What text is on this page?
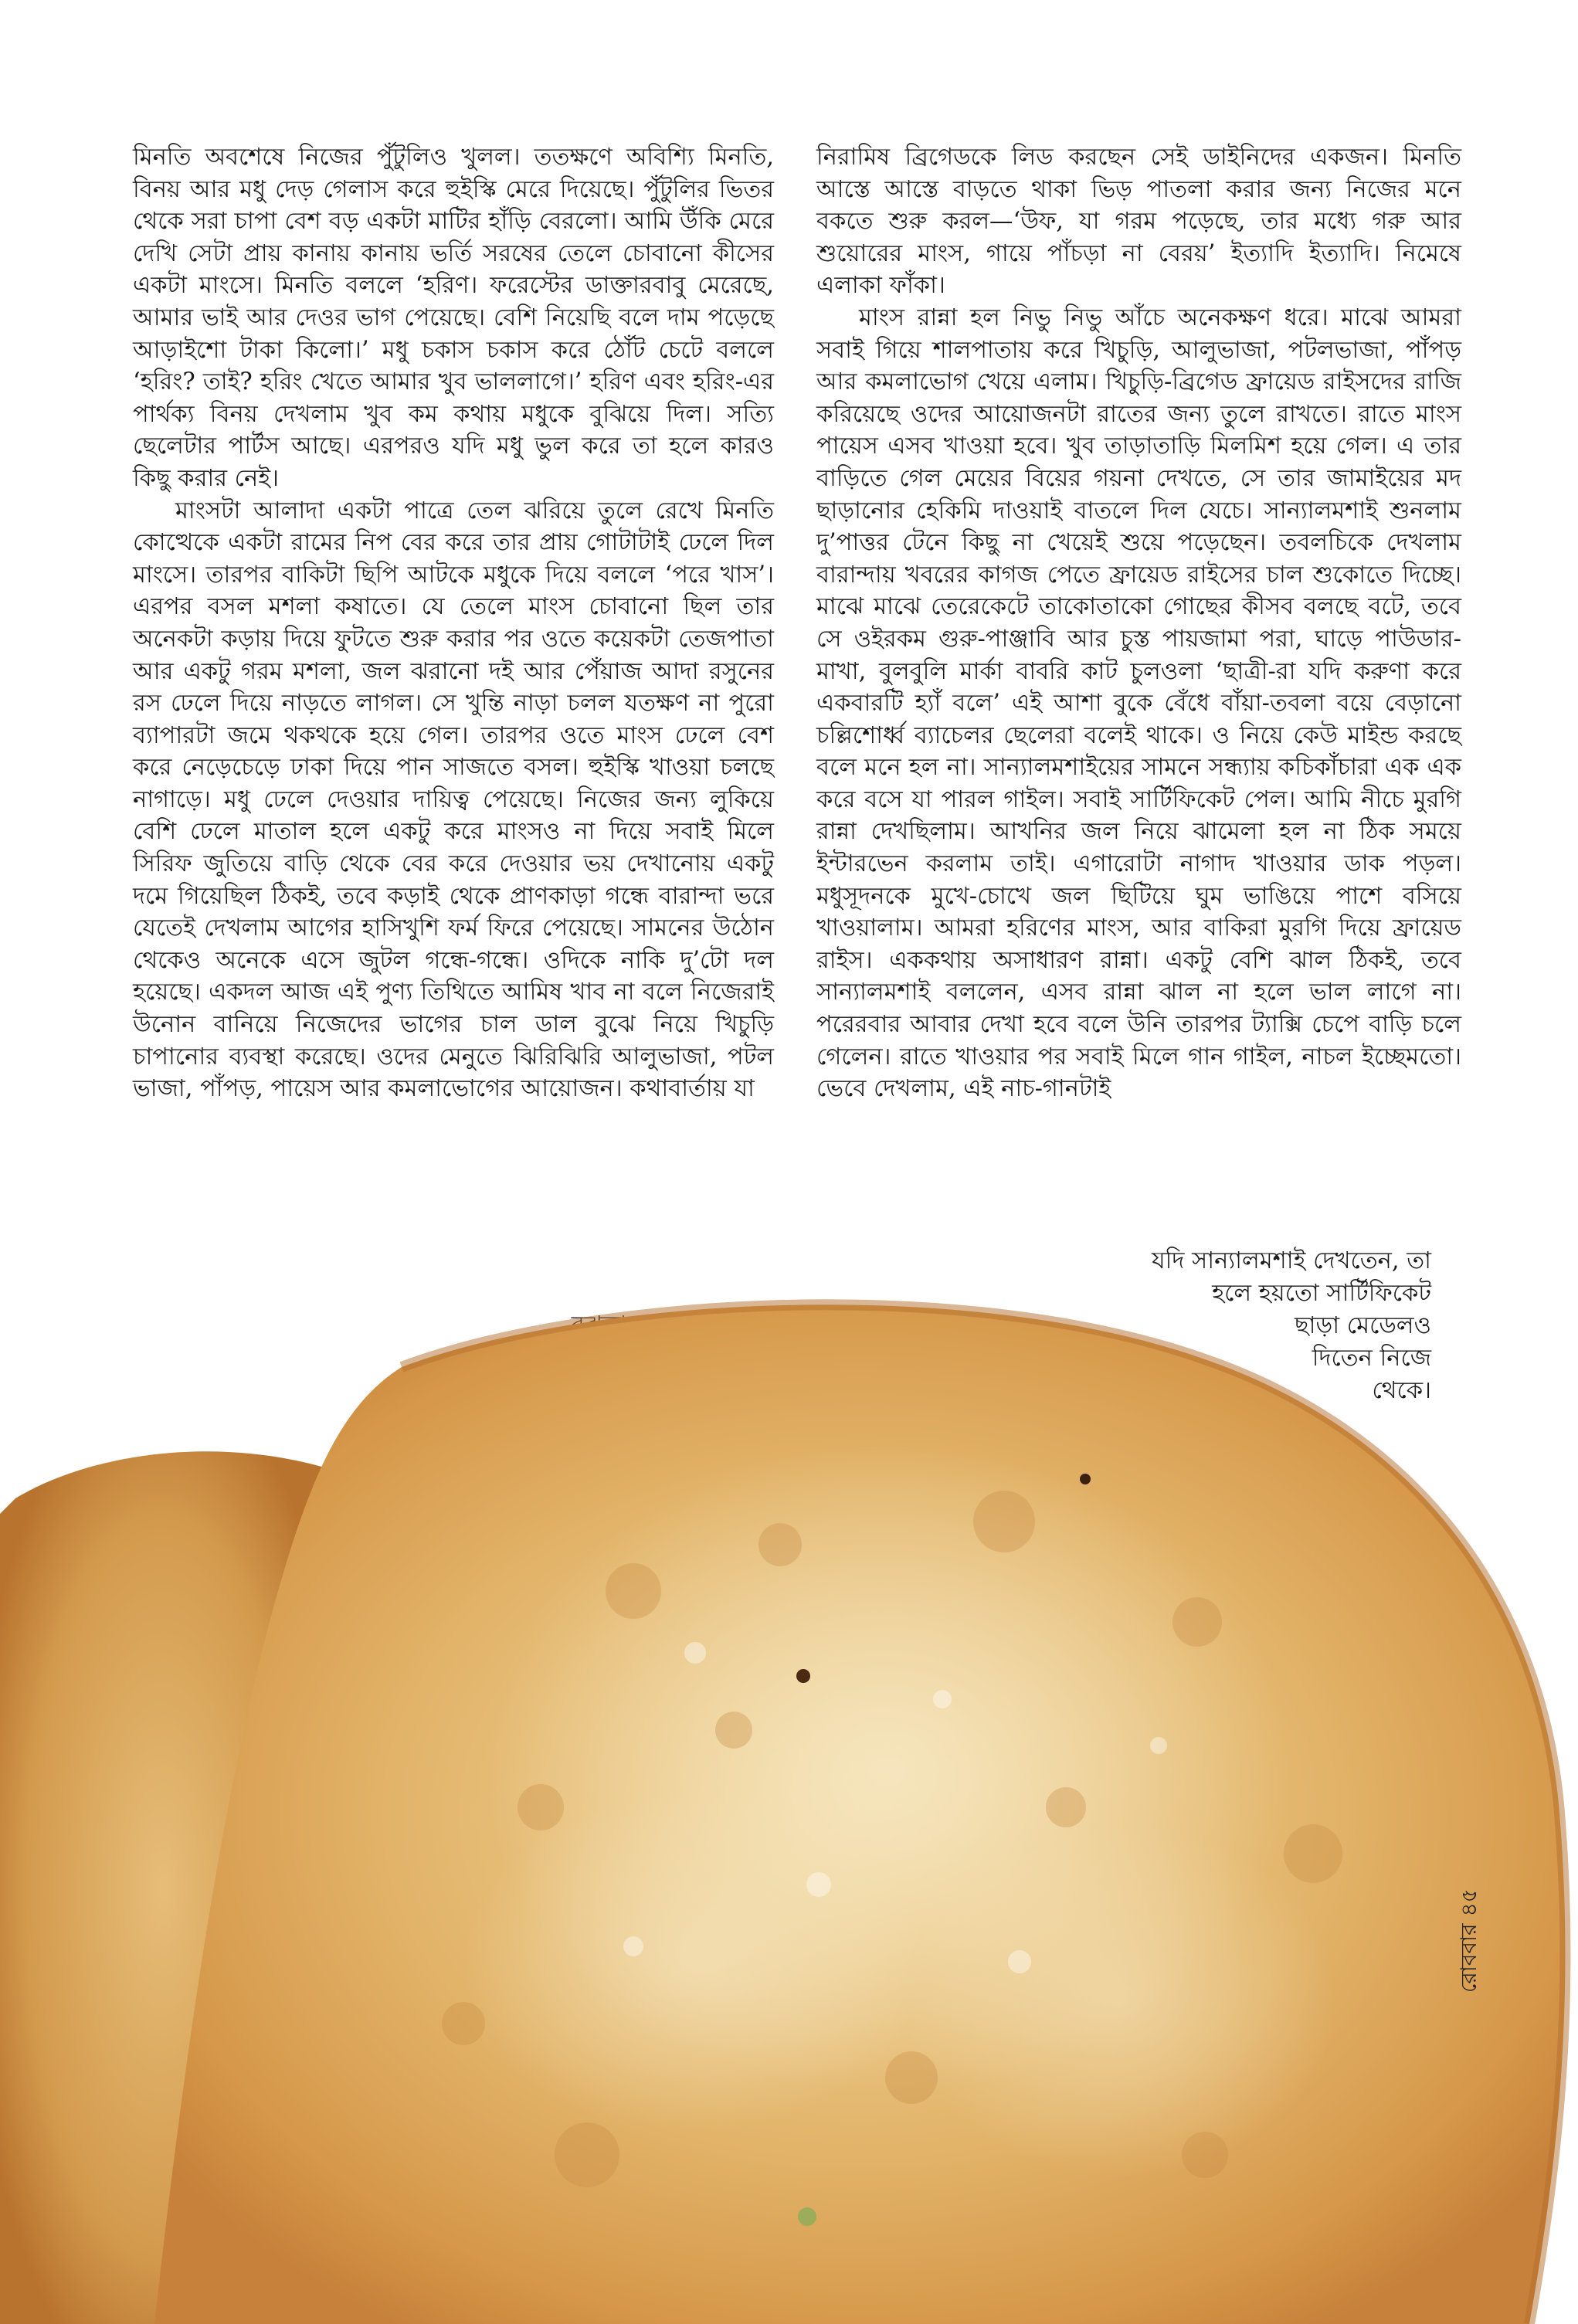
মিনতি অবশেষে নিজের পুঁটুলিও খুলল। ততক্ষণে অবিশ্যি মিনতি, বিনয় আর মধু দেড় গেলাস করে হুইস্কি মেরে দিয়েছে। পুঁটুলির ভিতর থেকে সরা চাপা বেশ বড় একটা মাটির হাঁড়ি বেরলো। আমি উঁকি মেরে দেখি সেটা প্রায় কানায় কানায় ভর্তি সরষের তেলে চোবানো কীসের একটা মাংসে। মিনতি বললে ‘হরিণ। ফরেস্টের ডাক্তারবাবু মেরেছে, আমার ভাই আর দেওর ভাগ পেয়েছে। বেশি নিয়েছি বলে দাম পড়েছে আড়াইশো টাকা কিলো।’ মধু চকাস চকাস করে ঠোঁট চেটে বললে ‘হরিং? তাই? হরিং খেতে আমার খুব ভাললাগে।’ হরিণ এবং হরিং-এর পার্থক্য বিনয় দেখলাম খুব কম কথায় মধুকে বুঝিয়ে দিল। সত্যি ছেলেটার পার্টস আছে। এরপরও যদি মধু ভুল করে তা হলে কারও কিছু করার নেই।

মাংসটা আলাদা একটা পাত্রে তেল ঝরিয়ে তুলে রেখে মিনতি কোত্থেকে একটা রামের নিপ বের করে তার প্রায় গোটাটাই ঢেলে দিল মাংসে। তারপর বাকিটা ছিপি আটকে মধুকে দিয়ে বললে ‘পরে খাস’। এরপর বসল মশলা কষাতে। যে তেলে মাংস চোবানো ছিল তার অনেকটা কড়ায় দিয়ে ফুটতে শুরু করার পর ওতে কয়েকটা তেজপাতা আর একটু গরম মশলা, জল ঝরানো দই আর পেঁয়াজ আদা রসুনের রস ঢেলে দিয়ে নাড়তে লাগল। সে খুন্তি নাড়া চলল যতক্ষণ না পুরো ব্যাপারটা জমে থকথকে হয়ে গেল। তারপর ওতে মাংস ঢেলে বেশ করে নেড়েচেড়ে ঢাকা দিয়ে পান সাজতে বসল। হুইস্কি খাওয়া চলছে নাগাড়ে। মধু ঢেলে দেওয়ার দায়িত্ব পেয়েছে। নিজের জন্য লুকিয়ে বেশি ঢেলে মাতাল হলে একটু করে মাংসও না দিয়ে সবাই মিলে সিরিফ জুতিয়ে বাড়ি থেকে বের করে দেওয়ার ভয় দেখানোয় একটু দমে গিয়েছিল ঠিকই, তবে কড়াই থেকে প্রাণকাড়া গন্ধে বারান্দা ভরে যেতেই দেখলাম আগের হাসিখুশি ফর্ম ফিরে পেয়েছে। সামনের উঠোন থেকেও অনেকে এসে জুটল গন্ধে-গন্ধে। ওদিকে নাকি দু’টো দল হয়েছে। একদল আজ এই পুণ্য তিথিতে আমিষ খাব না বলে নিজেরাই উনোন বানিয়ে নিজেদের ভাগের চাল ডাল বুঝে নিয়ে খিচুড়ি চাপানোর ব্যবস্থা করেছে। ওদের মেনুতে ঝিরিঝিরি আলুভাজা, পটল ভাজা, পাঁপড়, পায়েস আর কমলাভোগের আয়োজন। কথাবার্তায় যা

নিরামিষ ব্রিগেডকে লিড করছেন সেই ডাইনিদের একজন। মিনতি আস্তে আস্তে বাড়তে থাকা ভিড় পাতলা করার জন্য নিজের মনে বকতে শুরু করল—‘উফ, যা গরম পড়েছে, তার মধ্যে গরু আর শুয়োরের মাংস, গায়ে পাঁচড়া না বেরয়’ ইত্যাদি ইত্যাদি। নিমেষে এলাকা ফাঁকা।

মাংস রান্না হল নিভু নিভু আঁচে অনেকক্ষণ ধরে। মাঝে আমরা সবাই গিয়ে শালপাতায় করে খিচুড়ি, আলুভাজা, পটলভাজা, পাঁপড় আর কমলাভোগ খেয়ে এলাম। খিচুড়ি-ব্রিগেড ফ্রায়েড রাইসদের রাজি করিয়েছে ওদের আয়োজনটা রাতের জন্য তুলে রাখতে। রাতে মাংস পায়েস এসব খাওয়া হবে। খুব তাড়াতাড়ি মিলমিশ হয়ে গেল। এ তার বাড়িতে গেল মেয়ের বিয়ের গয়না দেখতে, সে তার জামাইয়ের মদ ছাড়ানোর হেকিমি দাওয়াই বাতলে দিল যেচে। সান্যালমশাই শুনলাম দু’পাত্তর টেনে কিছু না খেয়েই শুয়ে পড়েছেন। তবলচিকে দেখলাম বারান্দায় খবরের কাগজ পেতে ফ্রায়েড রাইসের চাল শুকোতে দিচ্ছে। মাঝে মাঝে তেরেকেটে তাকোতাকো গোছের কীসব বলছে বটে, তবে সে ওইরকম গুরু-পাঞ্জাবি আর চুস্ত পায়জামা পরা, ঘাড়ে পাউডার-মাখা, বুলবুলি মার্কা বাবরি কাট চুলওলা ‘ছাত্রী-রা যদি করুণা করে একবারটি হ্যাঁ বলে’ এই আশা বুকে বেঁধে বাঁয়া-তবলা বয়ে বেড়ানো চল্লিশোর্ধ্ব ব্যাচেলর ছেলেরা বলেই থাকে। ও নিয়ে কেউ মাইন্ড করছে বলে মনে হল না। সান্যালমশাইয়ের সামনে সন্ধ্যায় কচিকাঁচারা এক এক করে বসে যা পারল গাইল। সবাই সার্টিফিকেট পেল। আমি নীচে মুরগি রান্না দেখছিলাম। আখনির জল নিয়ে ঝামেলা হল না ঠিক সময়ে ইন্টারভেন করলাম তাই। এগারোটা নাগাদ খাওয়ার ডাক পড়ল। মধুসূদনকে মুখে-চোখে জল ছিটিয়ে ঘুম ভাঙিয়ে পাশে বসিয়ে খাওয়ালাম। আমরা হরিণের মাংস, আর বাকিরা মুরগি দিয়ে ফ্রায়েড রাইস। এককথায় অসাধারণ রান্না। একটু বেশি ঝাল ঠিকই, তবে সান্যালমশাই বললেন, এসব রান্না ঝাল না হলে ভাল লাগে না। পরেরবার আবার দেখা হবে বলে উনি তারপর ট্যাক্সি চেপে বাড়ি চলে গেলেন। রাতে খাওয়ার পর সবাই মিলে গান গাইল, নাচল ইচ্ছেমতো। ভেবে দেখলাম, এই নাচ-গানটাই

যদি সান্যালমশাই দেখতেন, তা
হলে হয়তো সার্টিফিকেট
ছাড়া মেডেলও
দিতেন নিজে
থেকে।
রোববার ৪৫
